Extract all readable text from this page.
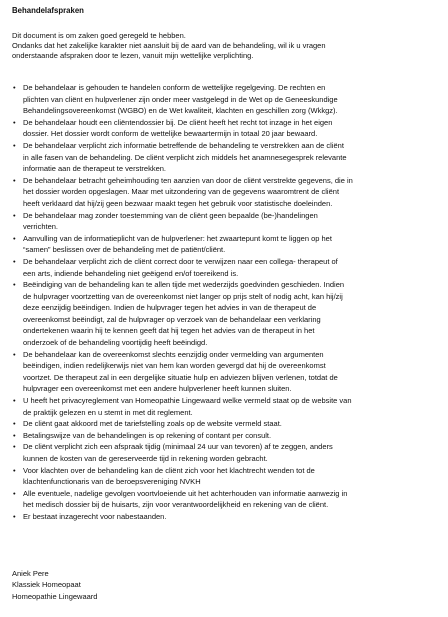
Behandelafspraken
Dit document is om zaken goed geregeld te hebben.
Ondanks dat het zakelijke karakter niet aansluit bij de aard van de behandeling, wil ik u vragen
onderstaande afspraken door te lezen, vanuit mijn wettelijke verplichting.
• De behandelaar is gehouden te handelen conform de wettelijke regelgeving. De rechten en
plichten van cliënt en hulpverlener zijn onder meer vastgelegd in de Wet op de Geneeskundige
Behandelingsovereenkomst (WGBO) en de Wet kwaliteit, klachten en geschillen zorg (Wkkgz).
• De behandelaar houdt een cliëntendossier bij. De cliënt heeft het recht tot inzage in het eigen
dossier. Het dossier wordt conform de wettelijke bewaartermijn in totaal 20 jaar bewaard.
• De behandelaar verplicht zich informatie betreffende de behandeling te verstrekken aan de cliënt
in alle fasen van de behandeling. De cliënt verplicht zich middels het anamnesegesprek relevante
informatie aan de therapeut te verstrekken.
• De behandelaar betracht geheimhouding ten aanzien van door de cliënt verstrekte gegevens, die in
het dossier worden opgeslagen. Maar met uitzondering van de gegevens waaromtrent de cliënt
heeft verklaard dat hij/zij geen bezwaar maakt tegen het gebruik voor statistische doeleinden.
• De behandelaar mag zonder toestemming van de cliënt geen bepaalde (be-)handelingen
verrichten.
• Aanvulling van de informatieplicht van de hulpverlener: het zwaartepunt komt te liggen op het
“samen” beslissen over de behandeling met de patiënt/cliënt.
• De behandelaar verplicht zich de cliënt correct door te verwijzen naar een collega- therapeut of
een arts, indiende behandeling niet geëigend en/of toereikend is.
• Beëindiging van de behandeling kan te allen tijde met wederzijds goedvinden geschieden. Indien
de hulpvrager voortzetting van de overeenkomst niet langer op prijs stelt of nodig acht, kan hij/zij
deze eenzijdig beëindigen. Indien de hulpvrager tegen het advies in van de therapeut de
overeenkomst beëindigt, zal de hulpvrager op verzoek van de behandelaar een verklaring
ondertekenen waarin hij te kennen geeft dat hij tegen het advies van de therapeut in het
onderzoek of de behandeling voortijdig heeft beëindigd.
• De behandelaar kan de overeenkomst slechts eenzijdig onder vermelding van argumenten
beëindigen, indien redelijkerwijs niet van hem kan worden gevergd dat hij de overeenkomst
voortzet. De therapeut zal in een dergelijke situatie hulp en adviezen blijven verlenen, totdat de
hulpvrager een overeenkomst met een andere hulpverlener heeft kunnen sluiten.
• U heeft het privacyreglement van Homeopathie Lingewaard welke vermeld staat op de website van
de praktijk gelezen en u stemt in met dit reglement.
• De cliënt gaat akkoord met de tariefstelling zoals op de website vermeld staat.
• Betalingswijze van de behandelingen is op rekening of contant per consult.
• De cliënt verplicht zich een afspraak tijdig (minimaal 24 uur van tevoren) af te zeggen, anders
kunnen de kosten van de gereserveerde tijd in rekening worden gebracht.
• Voor klachten over de behandeling kan de cliënt zich voor het klachtrecht wenden tot de
klachtenfunctionaris van de beroepsvereniging NVKH
• Alle eventuele, nadelige gevolgen voortvloeiende uit het achterhouden van informatie aanwezig in
het medisch dossier bij de huisarts, zijn voor verantwoordelijkheid en rekening van de cliënt.
• Er bestaat inzagerecht voor nabestaanden.
Aniek Pere
Klassiek Homeopaat
Homeopathie Lingewaard
